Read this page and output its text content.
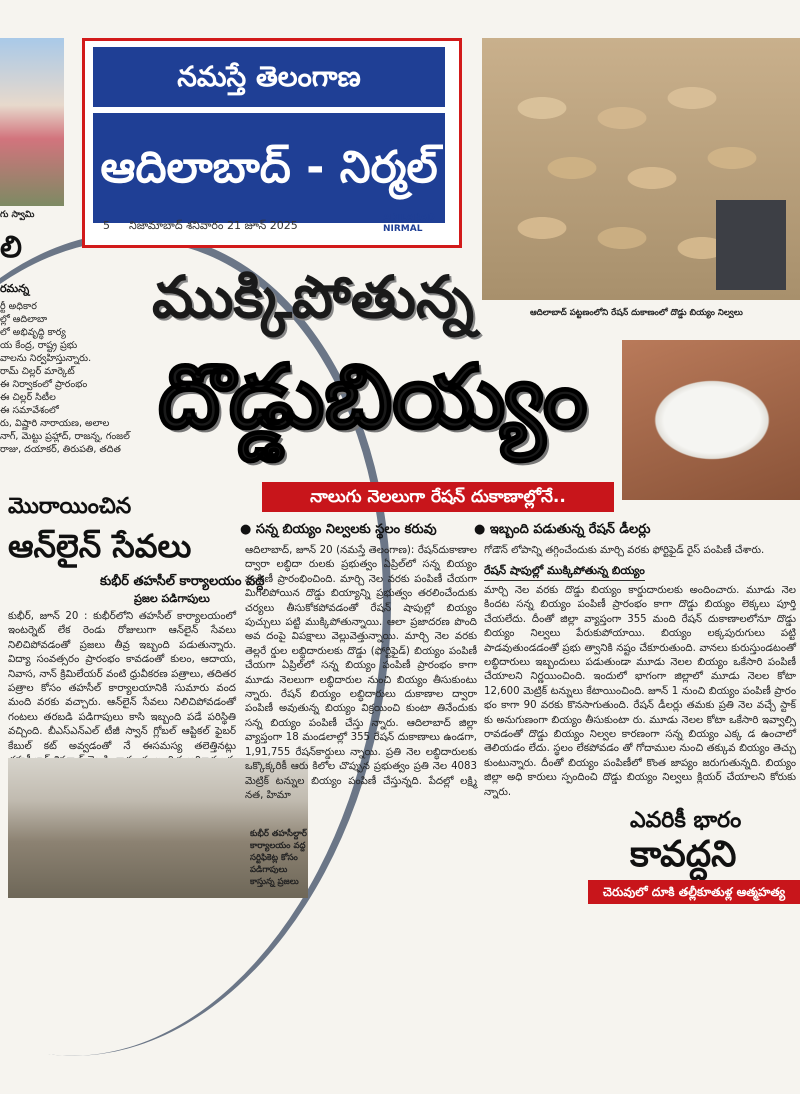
గు స్వామి
లి
రమన్న
ర్టీ అధికార
ల్లో ఆదిలాబా
లో అభివృద్ధి కార్య
య కేంద్ర, రాష్ట్ర ప్రభు
వాలను నిర్వహిస్తున్నారు.
రామ్ చిల్లర్ మార్కెట్
ఈ నిర్వాకంలో ప్రారంభం
ఈ చిల్లర్ సిటీల
ఈ సమావేశంలో
రు, విష్ణారి నారాయణ, అలాల
నాగ్, మెట్టు ప్రహ్లాద్, రాజన్న, గంజల్
రాజు, దయాకర్, తిరుపతి, తదిత
నమస్తే తెలంగాణ
ఆదిలాబాద్ - నిర్మల్
5 నిజామాబాద్ శనివారం 21 జూన్ 2025
ADILABAD
NIRMAL
ఆదిలాబాద్ పట్టణంలోని రేషన్ దుకాణంలో దొడ్డు బియ్యం నిల్వలు
ముక్కిపోతున్న
దొడ్డుబియ్యం
నాలుగు నెలలుగా రేషన్ దుకాణాల్లోనే..
● సన్న బియ్యం నిల్వలకు స్థలం కరువు	● ఇబ్బంది పడుతున్న రేషన్ డీలర్లు
మొరాయించిన
ఆన్‌లైన్ సేవలు
కుభీర్ తహసీల్ కార్యాలయం వద్ద
ప్రజల పడిగాపులు
కుభీర్, జూన్ 20 : కుభీర్‌లోని తహసీల్ కార్యాలయంలో ఇంటర్నెట్ లేక రెండు రోజులుగా ఆన్‌లైన్ సేవలు నిలిచిపోవడంతో ప్రజలు తీవ్ర ఇబ్బంది పడుతున్నారు. విద్యా సంవత్సరం ప్రారంభం కావడంతో కులం, ఆదాయ, నివాస, నాన్ క్రిమిలేయర్ వంటి ధ్రువీకరణ పత్రాలు, తదితర పత్రాల కోసం తహసీల్ కార్యాలయానికి సుమారు వంద మంది వరకు వచ్చారు. ఆన్‌లైన్ సేవలు నిలిచిపోవడంతో గంటలు తరబడి పడిగాపులు కాసి ఇబ్బంది పడే పరిస్థితి వచ్చింది. బీఎస్ఎన్ఎల్ టీజీ స్వాన్ గ్లోబల్ ఆప్టికల్ ఫైబర్ కేబుల్ కట్ అవ్వడంతో నే ఈసమస్య తలెత్తినట్లు
కుభీర్ తహసీల్దార్ కార్యాలయం వద్ద సర్టిఫికెట్ల కోసం పడిగాపులు కాస్తున్న ప్రజలు
ఆదిలాబాద్, జూన్ 20 (నమస్తే తెలంగాణ): రేషన్‌దుకాణాల ద్వారా లబ్ధిదా రులకు ప్రభుత్వం ఏప్రిల్‌లో సన్న బియ్యం పంపిణీ ప్రారంభించింది. మార్చి నెల వరకు పంపిణీ చేయగా మిగిలిపోయిన దొడ్డు బియ్యాన్ని ప్రభుత్వం తరలించేందుకు చర్యలు తీసుకోకపోవడంతో రేషన్ షాపుల్లో బియ్యం పుచ్చులు పట్టి ముక్కిపోతున్నాయి. ఆలా ప్రజాదరణ పొంది అవ దంపై విపక్షాలు వెల్లువెత్తున్నాయి. మార్చి నెల వరకు తెల్లరే ర్డుల లబ్ధిదారులకు దొడ్డు (ఫోర్టిఫైడ్) బియ్యం పంపిణీ చేయగా ఏప్రిల్‌లో సన్న బియ్యం పంపిణీ ప్రారంభం కాగా మూడు నెలలుగా లబ్ధిదారుల నుంచి బియ్యం తీసుకుంటు న్నారు. రేషన్ బియ్యం లబ్ధిదారులు దుకాణాల ద్వారా పంపిణీ అవుతున్న బియ్యం విక్రయించి కుంటా తినేందుకు సన్న బియ్యం పంపిణీ చేస్తు న్నారు. ఆదిలాబాద్ జిల్లా వ్యాప్తంగా 18 మండలాల్లో 355 రేషన్ దుకాణాలు ఉండగా, 1,91,755 రేషన్‌కార్డులు న్నాయి. ప్రతి నెల లబ్ధిదారులకు ఒక్కొక్కరికీ ఆరు కిలోల చొప్పున ప్రభుత్వం ప్రతి నెల 4083 మెట్రిక్ టన్నుల బియ్యం పంపిణీ చేస్తున్నది. పేదల్లో లక్ష్మి నత, హిమా
గోడౌన్ లోపాన్ని తగ్గించేందుకు మార్చి వరకు ఫోర్టిఫైడ్ రైస్ పంపిణీ చేశారు.
రేషన్ షాపుల్లో ముక్కిపోతున్న బియ్యం
మార్చి నెల వరకు దొడ్డు బియ్యం కార్డుదారులకు అందించారు. మూడు నెల కిందట సన్న బియ్యం పంపిణీ ప్రారంభం కాగా దొడ్డు బియ్యం లెక్కలు పూర్తి చేయలేదు. దీంతో జిల్లా వ్యాప్తంగా 355 మంది రేషన్ దుకాణాలలోనూ దొడ్డు బియ్యం నిల్వలు పేరుకుపోయాయి. బియ్యం లక్కపురుగులు పట్టి పాడవుతుండడంతో ప్రభు త్వానికి నష్టం చేకూరుతుంది. వానలు కురుస్తుండటంతో లబ్ధిదారులు ఇబ్బందులు పడుతుండా మూడు నెలల బియ్యం ఒకేసారి పంపిణీ చేయాలని నిర్ణయించింది. ఇందులో భాగంగా జిల్లాలో మూడు నెలల కోటా 12,600 మెట్రిక్ టన్నులు కేటాయించింది. జూన్ 1 నుంచి బియ్యం పంపిణీ ప్రారం భం కాగా 90 వరకు కొనసాగుతుంది. రేషన్ డీలర్లు తమకు ప్రతి నెల వచ్చే స్టాక్ కు అనుగుణంగా బియ్యం తీసుకుంటా రు. మూడు నెలల కోటా ఒకేసారి ఇవ్వాల్సి రావడంతో దొడ్డు బియ్యం నిల్వల కారణంగా సన్న బియ్యం ఎక్క డ ఉంచాలో తెలియడం లేదు. స్థలం లేకపోవడం తో గోదాముల నుంచి తక్కువ బియ్యం తెచ్చు కుంటున్నారు. దీంతో బియ్యం పంపిణీలో కొంత జాప్యం జరుగుతున్నది. బియ్యం జిల్లా అధి కారులు స్పందించి దొడ్డు బియ్యం నిల్వలు క్లియర్ చేయాలని కోరుకు న్నారు.
ఎవరికీ భారం
కావద్దని
చెరువులో దూకి తల్లీకూతుళ్ల ఆత్మహత్య
